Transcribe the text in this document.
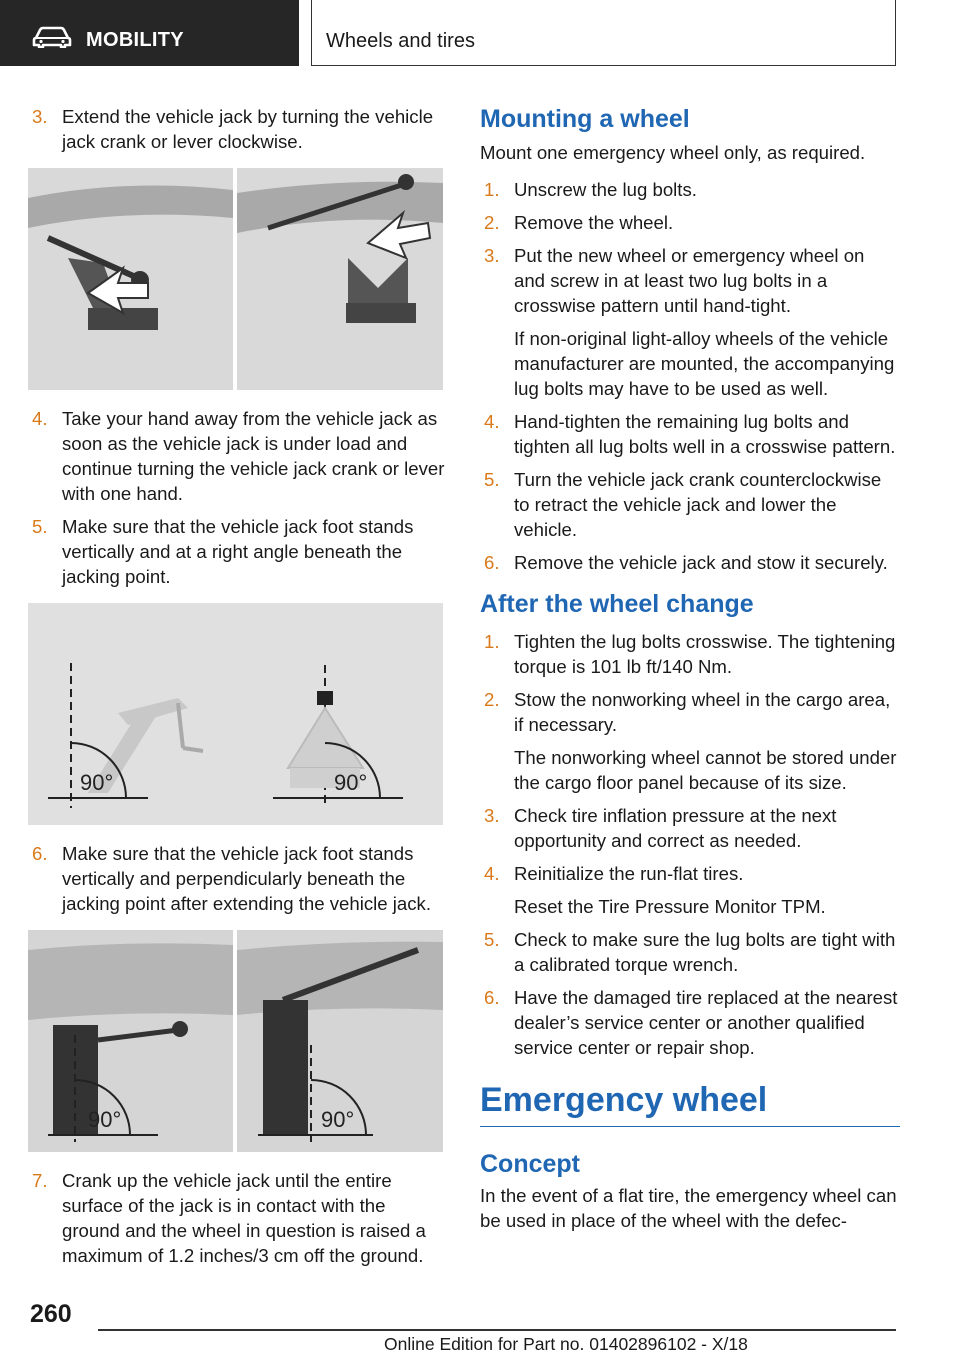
MOBILITY	Wheels and tires
3. Extend the vehicle jack by turning the vehicle jack crank or lever clockwise.
4. Take your hand away from the vehicle jack as soon as the vehicle jack is under load and continue turning the vehicle jack crank or lever with one hand.
5. Make sure that the vehicle jack foot stands vertically and at a right angle beneath the jacking point.
90°	90°
6. Make sure that the vehicle jack foot stands vertically and perpendicularly beneath the jacking point after extending the vehicle jack.
90°	90°
7. Crank up the vehicle jack until the entire surface of the jack is in contact with the ground and the wheel in question is raised a maximum of 1.2 inches/3 cm off the ground.
Mounting a wheel
Mount one emergency wheel only, as required.
1. Unscrew the lug bolts.
2. Remove the wheel.
3. Put the new wheel or emergency wheel on and screw in at least two lug bolts in a crosswise pattern until hand-tight.
If non-original light-alloy wheels of the vehicle manufacturer are mounted, the accompanying lug bolts may have to be used as well.
4. Hand-tighten the remaining lug bolts and tighten all lug bolts well in a crosswise pattern.
5. Turn the vehicle jack crank counterclockwise to retract the vehicle jack and lower the vehicle.
6. Remove the vehicle jack and stow it securely.
After the wheel change
1. Tighten the lug bolts crosswise. The tightening torque is 101 lb ft/140 Nm.
2. Stow the nonworking wheel in the cargo area, if necessary.
The nonworking wheel cannot be stored under the cargo floor panel because of its size.
3. Check tire inflation pressure at the next opportunity and correct as needed.
4. Reinitialize the run-flat tires.
Reset the Tire Pressure Monitor TPM.
5. Check to make sure the lug bolts are tight with a calibrated torque wrench.
6. Have the damaged tire replaced at the nearest dealer’s service center or another qualified service center or repair shop.
Emergency wheel
Concept
In the event of a flat tire, the emergency wheel can be used in place of the wheel with the defec-
260
Online Edition for Part no. 01402896102 - X/18
